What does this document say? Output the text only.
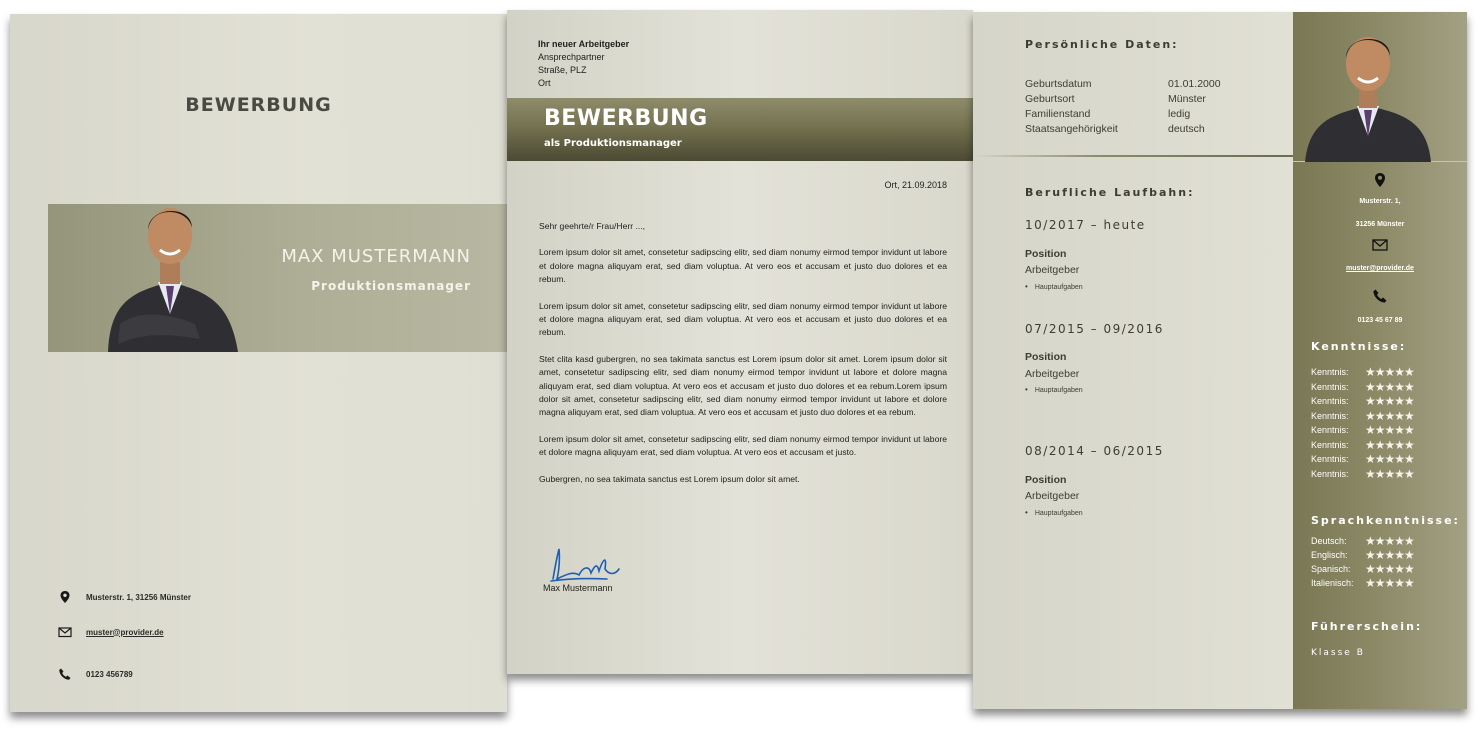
BEWERBUNG
MAX MUSTERMANN
Produktionsmanager
Musterstr. 1, 31256 Münster
muster@provider.de
0123 456789
Ihr neuer Arbeitgeber
Ansprechpartner
Straße, PLZ
Ort
BEWERBUNG
als Produktionsmanager
Ort, 21.09.2018

Sehr geehrte/r Frau/Herr ...,

Lorem ipsum dolor sit amet, consetetur sadipscing elitr, sed diam nonumy eirmod tempor invidunt ut labore et dolore magna aliquyam erat, sed diam voluptua. At vero eos et accusam et justo duo dolores et ea rebum.

Lorem ipsum dolor sit amet, consetetur sadipscing elitr, sed diam nonumy eirmod tempor invidunt ut labore et dolore magna aliquyam erat, sed diam voluptua. At vero eos et accusam et justo duo dolores et ea rebum.

Stet clita kasd gubergren, no sea takimata sanctus est Lorem ipsum dolor sit amet. Lorem ipsum dolor sit amet, consetetur sadipscing elitr, sed diam nonumy eirmod tempor invidunt ut labore et dolore magna aliquyam erat, sed diam voluptua. At vero eos et accusam et justo duo dolores et ea rebum.Lorem ipsum dolor sit amet, consetetur sadipscing elitr, sed diam nonumy eirmod tempor invidunt ut labore et dolore magna aliquyam erat, sed diam voluptua. At vero eos et accusam et justo duo dolores et ea rebum.

Lorem ipsum dolor sit amet, consetetur sadipscing elitr, sed diam nonumy eirmod tempor invidunt ut labore et dolore magna aliquyam erat, sed diam voluptua. At vero eos et accusam et justo.

Gubergren, no sea takimata sanctus est Lorem ipsum dolor sit amet.

Max Mustermann
Persönliche Daten:
Geburtsdatum	01.01.2000
Geburtsort	Münster
Familienstand	ledig
Staatsangehörigkeit	deutsch
Berufliche Laufbahn:
10/2017 – heute
Position
Arbeitgeber
• Hauptaufgaben
07/2015 – 09/2016
Position
Arbeitgeber
• Hauptaufgaben
08/2014 – 06/2015
Position
Arbeitgeber
• Hauptaufgaben
Musterstr. 1,
31256 Münster
muster@provider.de
0123 45 67 89
Kenntnisse:
Sprachkenntnisse:
Führerschein:
Klasse B
Kenntnis: ★★★★★
Kenntnis: ★★★★★
Kenntnis: ★★★★★
Kenntnis: ★★★★★
Kenntnis: ★★★★★
Kenntnis: ★★★★★
Kenntnis: ★★★★★
Kenntnis: ★★★★★
Deutsch: ★★★★★
Englisch: ★★★★★
Spanisch: ★★★★★
Italienisch: ★★★★★
